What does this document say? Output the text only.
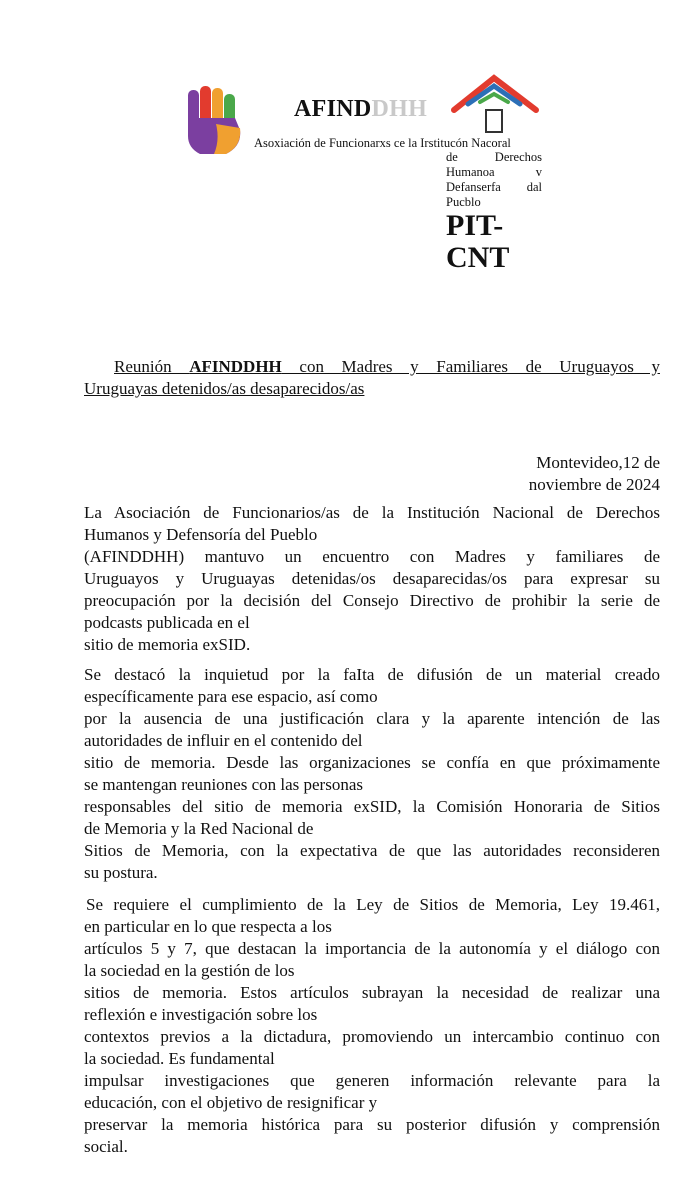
AFINDDHH
Asoxiación de Funcionarxs ce la Irstitucón Nacoral
de Derechos
Humanoa v
Defanserfa dal
Pucblo
PIT-
CNT
Reunión AFINDDHH con Madres y Familiares de Uruguayos y
Uruguayas detenidos/as desaparecidos/as
Montevideo,12 de
noviembre de 2024
La Asociación de Funcionarios/as de la Institución Nacional de Derechos
Humanos y Defensoría del Pueblo
(AFINDDHH) mantuvo un encuentro con Madres y familiares de
Uruguayos y Uruguayas detenidas/os desaparecidas/os para expresar su
preocupación por la decisión del Consejo Directivo de prohibir la serie de
podcasts publicada en el
sitio de memoria exSID.
Se destacó la inquietud por la faIta de difusión de un material creado
específicamente para ese espacio, así como
por la ausencia de una justificación clara y la aparente intención de las
autoridades de influir en el contenido del
sitio de memoria. Desde las organizaciones se confía en que próximamente
se mantengan reuniones con las personas
responsables del sitio de memoria exSID, la Comisión Honoraria de Sitios
de Memoria y la Red Nacional de
Sitios de Memoria, con la expectativa de que las autoridades reconsideren
su postura.
Se requiere el cumplimiento de la Ley de Sitios de Memoria, Ley 19.461,
en particular en lo que respecta a los
artículos 5 y 7, que destacan la importancia de la autonomía y el diálogo con
la sociedad en la gestión de los
sitios de memoria. Estos artículos subrayan la necesidad de realizar una
reflexión e investigación sobre los
contextos previos a la dictadura, promoviendo un intercambio continuo con
la sociedad. Es fundamental
impulsar investigaciones que generen información relevante para la
educación, con el objetivo de resignificar y
preservar la memoria histórica para su posterior difusión y comprensión
social.
